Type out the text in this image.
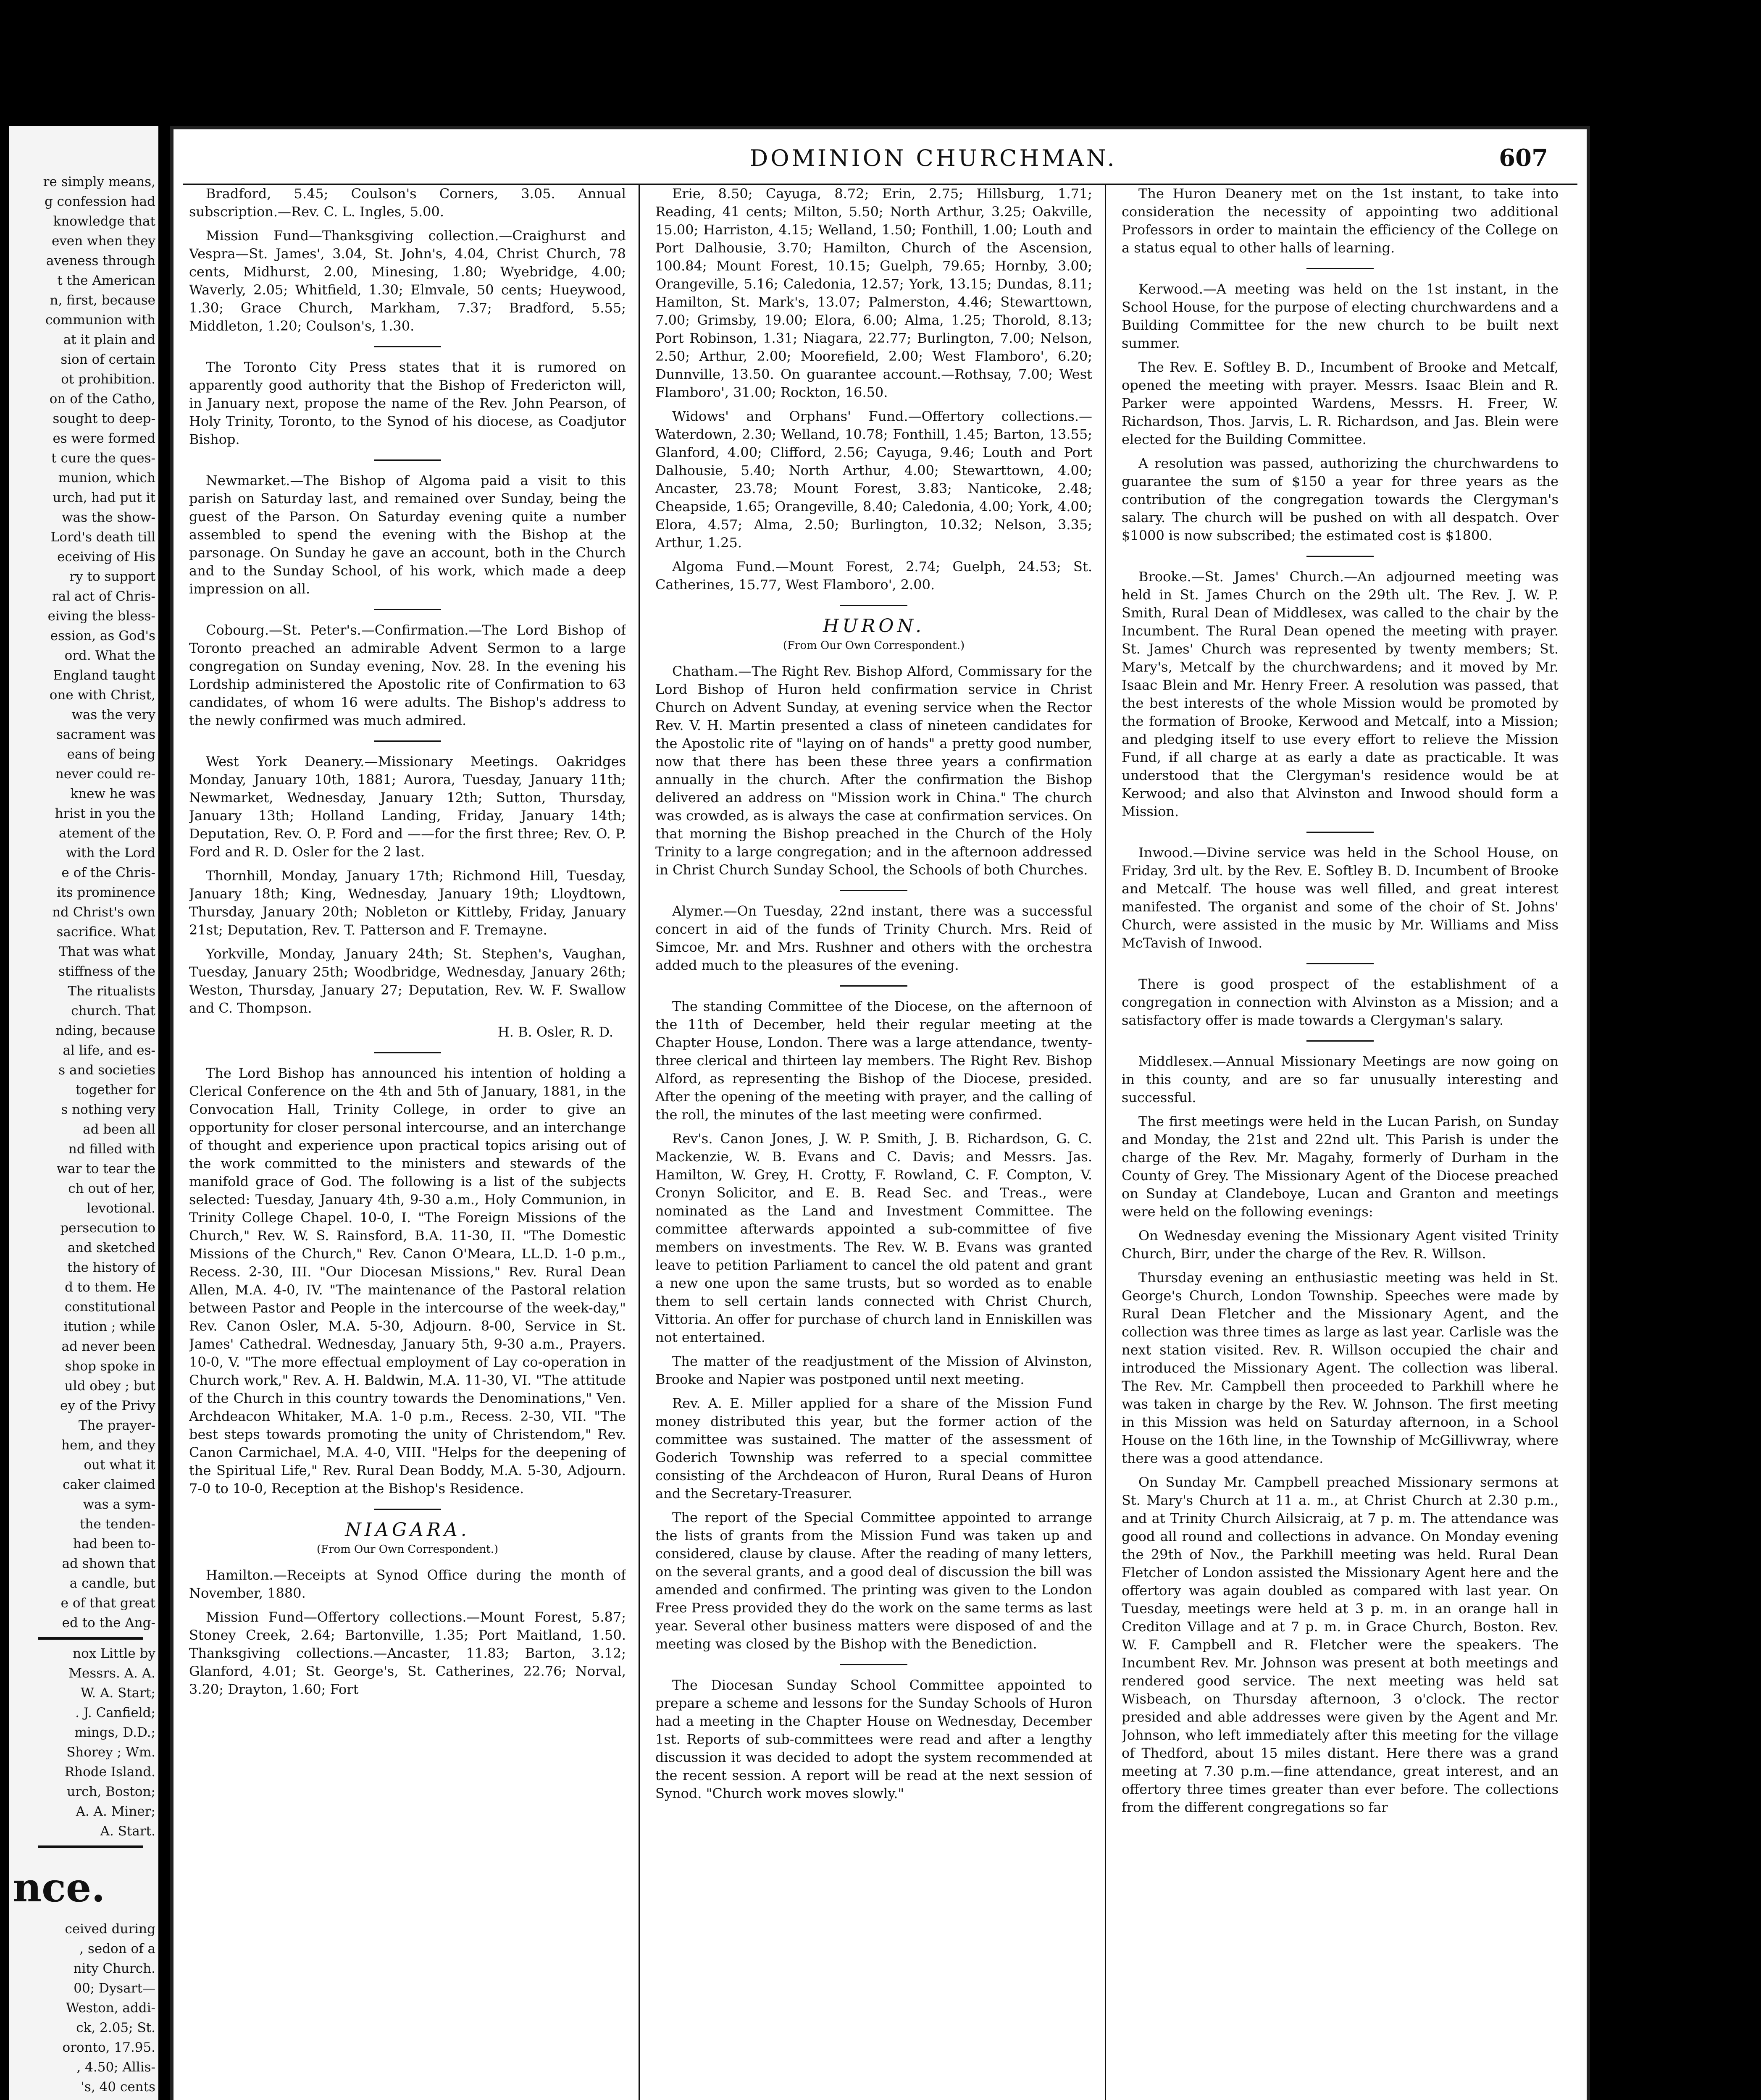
re simply means,
g confession had
knowledge that
even when they
aveness through
t the American
n, first, because
communion with
at it plain and
sion of certain
ot prohibition.
on of the Catho,
sought to deep-
es were formed
t cure the ques-
munion, which
urch, had put it
was the show-
Lord's death till
eceiving of His
ry to support
ral act of Chris-
eiving the bless-
ession, as God's
ord. What the
England taught
one with Christ,
was the very
sacrament was
eans of being
never could re-
knew he was
hrist in you the
atement of the
with the Lord
e of the Chris-
its prominence
nd Christ's own
sacrifice. What
That was what
stiffness of the
The ritualists
church. That
nding, because
al life, and es-
s and societies
together for
s nothing very
ad been all
nd filled with
war to tear the
ch out of her,
levotional.
persecution to
and sketched
the history of
d to them. He
constitutional
itution ; while
ad never been
shop spoke in
uld obey ; but
ey of the Privy
The prayer-
hem, and they
out what it
caker claimed
was a sym-
the tenden-
had been to-
ad shown that
a candle, but
e of that great
ed to the Ang-
nox Little by
Messrs. A. A.
W. A. Start;
. J. Canfield;
mings, D.D.;
Shorey ; Wm.
Rhode Island.
urch, Boston;
A. A. Miner;
A. Start.
nce.
ceived during
, sedon of a
nity Church.
00; Dysart—
Weston, addi-
ck, 2.05; St.
oronto, 17.95.
, 4.50; Allis-
's, 40 cents
DOMINION CHURCHMAN.	607

Bradford, 5.45; Coulson's Corners, 3.05. Annual subscription.—Rev. C. L. Ingles, 5.00.

Mission Fund—Thanksgiving collection.—Craighurst and Vespra—St. James', 3.04, St. John's, 4.04, Christ Church, 78 cents, Midhurst, 2.00, Minesing, 1.80; Wyebridge, 4.00; Waverly, 2.05; Whitfield, 1.30; Elmvale, 50 cents; Hueywood, 1.30; Grace Church, Markham, 7.37; Bradford, 5.55; Middleton, 1.20; Coulson's, 1.30.

The Toronto City Press states that it is rumored on apparently good authority that the Bishop of Fredericton will, in January next, propose the name of the Rev. John Pearson, of Holy Trinity, Toronto, to the Synod of his diocese, as Coadjutor Bishop.

Newmarket.—The Bishop of Algoma paid a visit to this parish on Saturday last, and remained over Sunday, being the guest of the Parson. On Saturday evening quite a number assembled to spend the evening with the Bishop at the parsonage. On Sunday he gave an account, both in the Church and to the Sunday School, of his work, which made a deep impression on all.

Cobourg.—St. Peter's.—Confirmation.—The Lord Bishop of Toronto preached an admirable Advent Sermon to a large congregation on Sunday evening, Nov. 28. In the evening his Lordship administered the Apostolic rite of Confirmation to 63 candidates, of whom 16 were adults. The Bishop's address to the newly confirmed was much admired.

West York Deanery.—Missionary Meetings. Oakridges Monday, January 10th, 1881; Aurora, Tuesday, January 11th; Newmarket, Wednesday, January 12th; Sutton, Thursday, January 13th; Holland Landing, Friday, January 14th; Deputation, Rev. O. P. Ford and ——for the first three; Rev. O. P. Ford and R. D. Osler for the 2 last.

Thornhill, Monday, January 17th; Richmond Hill, Tuesday, January 18th; King, Wednesday, January 19th; Lloydtown, Thursday, January 20th; Nobleton or Kittleby, Friday, January 21st; Deputation, Rev. T. Patterson and F. Tremayne.

Yorkville, Monday, January 24th; St. Stephen's, Vaughan, Tuesday, January 25th; Woodbridge, Wednesday, January 26th; Weston, Thursday, January 27; Deputation, Rev. W. F. Swallow and C. Thompson.

H. B. Osler, R. D.

The Lord Bishop has announced his intention of holding a Clerical Conference on the 4th and 5th of January, 1881, in the Convocation Hall, Trinity College, in order to give an opportunity for closer personal intercourse, and an interchange of thought and experience upon practical topics arising out of the work committed to the ministers and stewards of the manifold grace of God. The following is a list of the subjects selected: Tuesday, January 4th, 9-30 a.m., Holy Communion, in Trinity College Chapel. 10-0, I. "The Foreign Missions of the Church," Rev. W. S. Rainsford, B.A. 11-30, II. "The Domestic Missions of the Church," Rev. Canon O'Meara, LL.D. 1-0 p.m., Recess. 2-30, III. "Our Diocesan Missions," Rev. Rural Dean Allen, M.A. 4-0, IV. "The maintenance of the Pastoral relation between Pastor and People in the intercourse of the week-day," Rev. Canon Osler, M.A. 5-30, Adjourn. 8-00, Service in St. James' Cathedral. Wednesday, January 5th, 9-30 a.m., Prayers. 10-0, V. "The more effectual employment of Lay co-operation in Church work," Rev. A. H. Baldwin, M.A. 11-30, VI. "The attitude of the Church in this country towards the Denominations," Ven. Archdeacon Whitaker, M.A. 1-0 p.m., Recess. 2-30, VII. "The best steps towards promoting the unity of Christendom," Rev. Canon Carmichael, M.A. 4-0, VIII. "Helps for the deepening of the Spiritual Life," Rev. Rural Dean Boddy, M.A. 5-30, Adjourn. 7-0 to 10-0, Reception at the Bishop's Residence.

NIAGARA.
(From Our Own Correspondent.)

Hamilton.—Receipts at Synod Office during the month of November, 1880.

Mission Fund—Offertory collections.—Mount Forest, 5.87; Stoney Creek, 2.64; Bartonville, 1.35; Port Maitland, 1.50. Thanksgiving collections.—Ancaster, 11.83; Barton, 3.12; Glanford, 4.01; St. George's, St. Catherines, 22.76; Norval, 3.20; Drayton, 1.60; Fort

Erie, 8.50; Cayuga, 8.72; Erin, 2.75; Hillsburg, 1.71; Reading, 41 cents; Milton, 5.50; North Arthur, 3.25; Oakville, 15.00; Harriston, 4.15; Welland, 1.50; Fonthill, 1.00; Louth and Port Dalhousie, 3.70; Hamilton, Church of the Ascension, 100.84; Mount Forest, 10.15; Guelph, 79.65; Hornby, 3.00; Orangeville, 5.16; Caledonia, 12.57; York, 13.15; Dundas, 8.11; Hamilton, St. Mark's, 13.07; Palmerston, 4.46; Stewarttown, 7.00; Grimsby, 19.00; Elora, 6.00; Alma, 1.25; Thorold, 8.13; Port Robinson, 1.31; Niagara, 22.77; Burlington, 7.00; Nelson, 2.50; Arthur, 2.00; Moorefield, 2.00; West Flamboro', 6.20; Dunnville, 13.50. On guarantee account.—Rothsay, 7.00; West Flamboro', 31.00; Rockton, 16.50.

Widows' and Orphans' Fund.—Offertory collections.—Waterdown, 2.30; Welland, 10.78; Fonthill, 1.45; Barton, 13.55; Glanford, 4.00; Clifford, 2.56; Cayuga, 9.46; Louth and Port Dalhousie, 5.40; North Arthur, 4.00; Stewarttown, 4.00; Ancaster, 23.78; Mount Forest, 3.83; Nanticoke, 2.48; Cheapside, 1.65; Orangeville, 8.40; Caledonia, 4.00; York, 4.00; Elora, 4.57; Alma, 2.50; Burlington, 10.32; Nelson, 3.35; Arthur, 1.25.

Algoma Fund.—Mount Forest, 2.74; Guelph, 24.53; St. Catherines, 15.77, West Flamboro', 2.00.

HURON.
(From Our Own Correspondent.)

Chatham.—The Right Rev. Bishop Alford, Commissary for the Lord Bishop of Huron held confirmation service in Christ Church on Advent Sunday, at evening service when the Rector Rev. V. H. Martin presented a class of nineteen candidates for the Apostolic rite of "laying on of hands" a pretty good number, now that there has been these three years a confirmation annually in the church. After the confirmation the Bishop delivered an address on "Mission work in China." The church was crowded, as is always the case at confirmation services. On that morning the Bishop preached in the Church of the Holy Trinity to a large congregation; and in the afternoon addressed in Christ Church Sunday School, the Schools of both Churches.

Alymer.—On Tuesday, 22nd instant, there was a successful concert in aid of the funds of Trinity Church. Mrs. Reid of Simcoe, Mr. and Mrs. Rushner and others with the orchestra added much to the pleasures of the evening.

The standing Committee of the Diocese, on the afternoon of the 11th of December, held their regular meeting at the Chapter House, London. There was a large attendance, twenty-three clerical and thirteen lay members. The Right Rev. Bishop Alford, as representing the Bishop of the Diocese, presided. After the opening of the meeting with prayer, and the calling of the roll, the minutes of the last meeting were confirmed.

Rev's. Canon Jones, J. W. P. Smith, J. B. Richardson, G. C. Mackenzie, W. B. Evans and C. Davis; and Messrs. Jas. Hamilton, W. Grey, H. Crotty, F. Rowland, C. F. Compton, V. Cronyn Solicitor, and E. B. Read Sec. and Treas., were nominated as the Land and Investment Committee. The committee afterwards appointed a sub-committee of five members on investments. The Rev. W. B. Evans was granted leave to petition Parliament to cancel the old patent and grant a new one upon the same trusts, but so worded as to enable them to sell certain lands connected with Christ Church, Vittoria. An offer for purchase of church land in Enniskillen was not entertained.

The matter of the readjustment of the Mission of Alvinston, Brooke and Napier was postponed until next meeting.

Rev. A. E. Miller applied for a share of the Mission Fund money distributed this year, but the former action of the committee was sustained. The matter of the assessment of Goderich Township was referred to a special committee consisting of the Archdeacon of Huron, Rural Deans of Huron and the Secretary-Treasurer.

The report of the Special Committee appointed to arrange the lists of grants from the Mission Fund was taken up and considered, clause by clause. After the reading of many letters, on the several grants, and a good deal of discussion the bill was amended and confirmed. The printing was given to the London Free Press provided they do the work on the same terms as last year. Several other business matters were disposed of and the meeting was closed by the Bishop with the Benediction.

The Diocesan Sunday School Committee appointed to prepare a scheme and lessons for the Sunday Schools of Huron had a meeting in the Chapter House on Wednesday, December 1st. Reports of sub-committees were read and after a lengthy discussion it was decided to adopt the system recommended at the recent session. A report will be read at the next session of Synod. "Church work moves slowly."

The Huron Deanery met on the 1st instant, to take into consideration the necessity of appointing two additional Professors in order to maintain the efficiency of the College on a status equal to other halls of learning.

Kerwood.—A meeting was held on the 1st instant, in the School House, for the purpose of electing churchwardens and a Building Committee for the new church to be built next summer.

The Rev. E. Softley B. D., Incumbent of Brooke and Metcalf, opened the meeting with prayer. Messrs. Isaac Blein and R. Parker were appointed Wardens, Messrs. H. Freer, W. Richardson, Thos. Jarvis, L. R. Richardson, and Jas. Blein were elected for the Building Committee.

A resolution was passed, authorizing the churchwardens to guarantee the sum of $150 a year for three years as the contribution of the congregation towards the Clergyman's salary. The church will be pushed on with all despatch. Over $1000 is now subscribed; the estimated cost is $1800.

Brooke.—St. James' Church.—An adjourned meeting was held in St. James Church on the 29th ult. The Rev. J. W. P. Smith, Rural Dean of Middlesex, was called to the chair by the Incumbent. The Rural Dean opened the meeting with prayer. St. James' Church was represented by twenty members; St. Mary's, Metcalf by the churchwardens; and it moved by Mr. Isaac Blein and Mr. Henry Freer. A resolution was passed, that the best interests of the whole Mission would be promoted by the formation of Brooke, Kerwood and Metcalf, into a Mission; and pledging itself to use every effort to relieve the Mission Fund, if all charge at as early a date as practicable. It was understood that the Clergyman's residence would be at Kerwood; and also that Alvinston and Inwood should form a Mission.

Inwood.—Divine service was held in the School House, on Friday, 3rd ult. by the Rev. E. Softley B. D. Incumbent of Brooke and Metcalf. The house was well filled, and great interest manifested. The organist and some of the choir of St. Johns' Church, were assisted in the music by Mr. Williams and Miss McTavish of Inwood.

There is good prospect of the establishment of a congregation in connection with Alvinston as a Mission; and a satisfactory offer is made towards a Clergyman's salary.

Middlesex.—Annual Missionary Meetings are now going on in this county, and are so far unusually interesting and successful.

The first meetings were held in the Lucan Parish, on Sunday and Monday, the 21st and 22nd ult. This Parish is under the charge of the Rev. Mr. Magahy, formerly of Durham in the County of Grey. The Missionary Agent of the Diocese preached on Sunday at Clandeboye, Lucan and Granton and meetings were held on the following evenings:

On Wednesday evening the Missionary Agent visited Trinity Church, Birr, under the charge of the Rev. R. Willson.

Thursday evening an enthusiastic meeting was held in St. George's Church, London Township. Speeches were made by Rural Dean Fletcher and the Missionary Agent, and the collection was three times as large as last year. Carlisle was the next station visited. Rev. R. Willson occupied the chair and introduced the Missionary Agent. The collection was liberal. The Rev. Mr. Campbell then proceeded to Parkhill where he was taken in charge by the Rev. W. Johnson. The first meeting in this Mission was held on Saturday afternoon, in a School House on the 16th line, in the Township of McGillivwray, where there was a good attendance.

On Sunday Mr. Campbell preached Missionary sermons at St. Mary's Church at 11 a. m., at Christ Church at 2.30 p.m., and at Trinity Church Ailsicraig, at 7 p. m. The attendance was good all round and collections in advance. On Monday evening the 29th of Nov., the Parkhill meeting was held. Rural Dean Fletcher of London assisted the Missionary Agent here and the offertory was again doubled as compared with last year. On Tuesday, meetings were held at 3 p. m. in an orange hall in Crediton Village and at 7 p. m. in Grace Church, Boston. Rev. W. F. Campbell and R. Fletcher were the speakers. The Incumbent Rev. Mr. Johnson was present at both meetings and rendered good service. The next meeting was held sat Wisbeach, on Thursday afternoon, 3 o'clock. The rector presided and able addresses were given by the Agent and Mr. Johnson, who left immediately after this meeting for the village of Thedford, about 15 miles distant. Here there was a grand meeting at 7.30 p.m.—fine attendance, great interest, and an offertory three times greater than ever before. The collections from the different congregations so far
